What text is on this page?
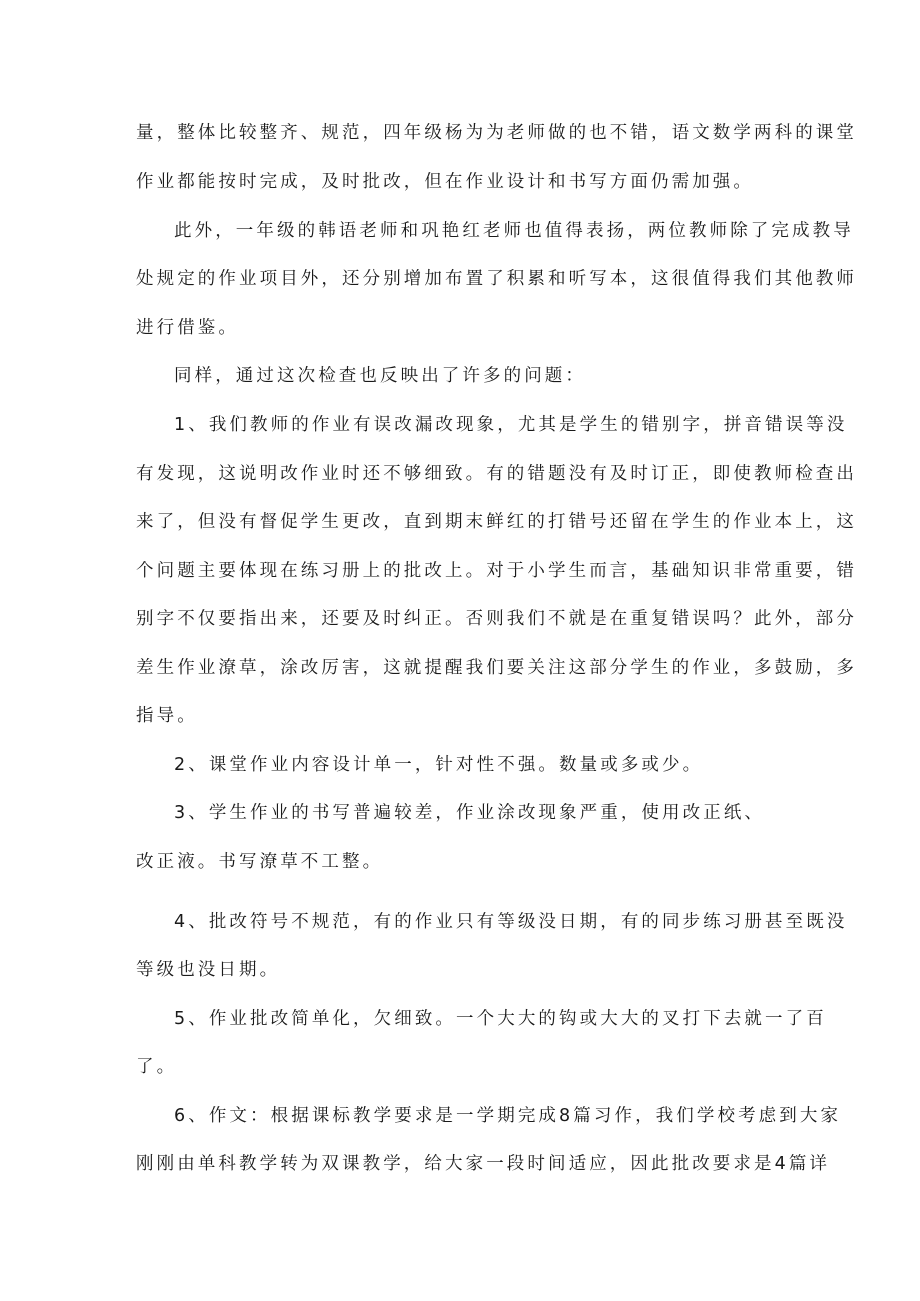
量，整体比较整齐、规范，四年级杨为为老师做的也不错，语文数学两科的课堂
作业都能按时完成，及时批改，但在作业设计和书写方面仍需加强。
此外，一年级的韩语老师和巩艳红老师也值得表扬，两位教师除了完成教导
处规定的作业项目外，还分别增加布置了积累和听写本，这很值得我们其他教师
进行借鉴。
同样，通过这次检查也反映出了许多的问题：
1、我们教师的作业有误改漏改现象，尤其是学生的错别字，拼音错误等没
有发现，这说明改作业时还不够细致。有的错题没有及时订正，即使教师检查出
来了，但没有督促学生更改，直到期末鲜红的打错号还留在学生的作业本上，这
个问题主要体现在练习册上的批改上。对于小学生而言，基础知识非常重要，错
别字不仅要指出来，还要及时纠正。否则我们不就是在重复错误吗？此外，部分
差生作业潦草，涂改厉害，这就提醒我们要关注这部分学生的作业，多鼓励，多
指导。
2、课堂作业内容设计单一，针对性不强。数量或多或少。
3、学生作业的书写普遍较差，作业涂改现象严重，使用改正纸、
改正液。书写潦草不工整。
4、批改符号不规范，有的作业只有等级没日期，有的同步练习册甚至既没
等级也没日期。
5、作业批改简单化，欠细致。一个大大的钩或大大的叉打下去就一了百
了。
6、作文：根据课标教学要求是一学期完成8篇习作，我们学校考虑到大家
刚刚由单科教学转为双课教学，给大家一段时间适应，因此批改要求是4篇详
